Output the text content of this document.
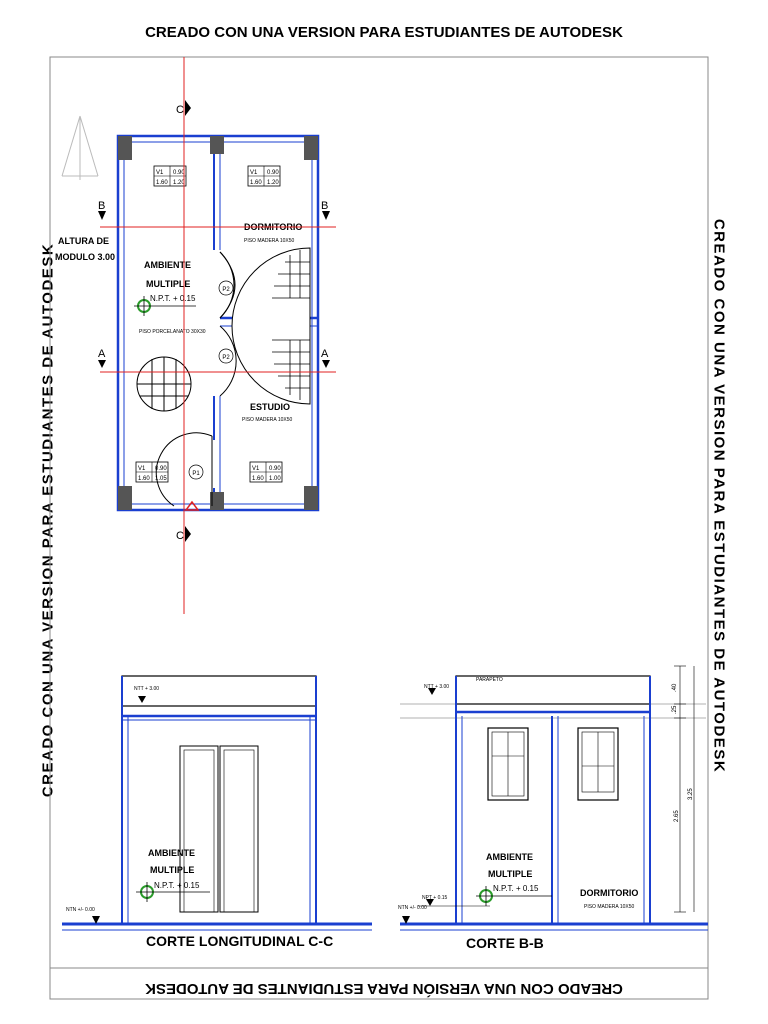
CREADO CON UNA VERSION PARA ESTUDIANTES DE AUTODESK
CREADO CON UNA VERSION PARA ESTUDIANTES DE AUTODESK	CREADO CON UNA VERSION PARA ESTUDIANTES DE AUTODESK
CREADO CON UNA VERSIÓN PARA ESTUDIANTES DE AUTODESK
V1 0.90
1.60 1.20
V1 0.90
1.60 1.20
V1 0.90
1.60 1.05
V1 0.90
1.60 1.00
P2
P2
P1
AMBIENTE
MULTIPLE
N.P.T. + 0.15
PISO PORCELANATO 30X30
DORMITORIO
PISO MADERA 10X50
ESTUDIO
PISO MADERA 10X50
ALTURA DE
MODULO 3.00
C
C
B	B
A	A
NTT + 3.00
NTN +/- 0.00
AMBIENTE
MULTIPLE
N.P.T. + 0.15
CORTE LONGITUDINAL C-C
.40
.25
2.65
3.25
PARAPETO
NTT + 3.00
NPT + 0.15
NTN +/- 0.00
AMBIENTE
MULTIPLE
N.P.T. + 0.15	DORMITORIO
PISO MADERA 10X50
CORTE B-B
